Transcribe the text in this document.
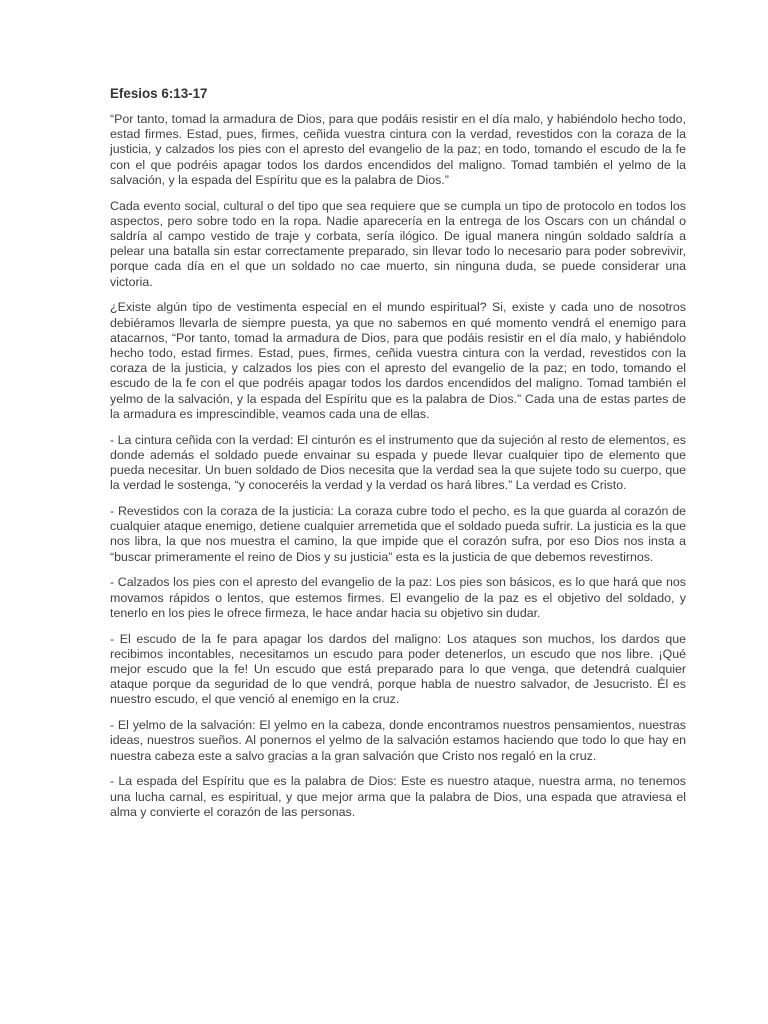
Efesios 6:13-17

“Por tanto, tomad la armadura de Dios, para que podáis resistir en el día malo, y habiéndolo hecho todo, estad firmes. Estad, pues, firmes, ceñida vuestra cintura con la verdad, revestidos con la coraza de la justicia, y calzados los pies con el apresto del evangelio de la paz; en todo, tomando el escudo de la fe con el que podréis apagar todos los dardos encendidos del maligno. Tomad también el yelmo de la salvación, y la espada del Espíritu que es la palabra de Dios.”

Cada evento social, cultural o del tipo que sea requiere que se cumpla un tipo de protocolo en todos los aspectos, pero sobre todo en la ropa. Nadie aparecería en la entrega de los Oscars con un chándal o saldría al campo vestido de traje y corbata, sería ilógico. De igual manera ningún soldado saldría a pelear una batalla sin estar correctamente preparado, sin llevar todo lo necesario para poder sobrevivir, porque cada día en el que un soldado no cae muerto, sin ninguna duda, se puede considerar una victoria.

¿Existe algún tipo de vestimenta especial en el mundo espiritual? Si, existe y cada uno de nosotros debiéramos llevarla de siempre puesta, ya que no sabemos en qué momento vendrá el enemigo para atacarnos, “Por tanto, tomad la armadura de Dios, para que podáis resistir en el día malo, y habiéndolo hecho todo, estad firmes. Estad, pues, firmes, ceñida vuestra cintura con la verdad, revestidos con la coraza de la justicia, y calzados los pies con el apresto del evangelio de la paz; en todo, tomando el escudo de la fe con el que podréis apagar todos los dardos encendidos del maligno. Tomad también el yelmo de la salvación, y la espada del Espíritu que es la palabra de Dios.” Cada una de estas partes de la armadura es imprescindible, veamos cada una de ellas.

- La cintura ceñida con la verdad: El cinturón es el instrumento que da sujeción al resto de elementos, es donde además el soldado puede envainar su espada y puede llevar cualquier tipo de elemento que pueda necesitar. Un buen soldado de Dios necesita que la verdad sea la que sujete todo su cuerpo, que la verdad le sostenga, “y conoceréis la verdad y la verdad os hará libres.” La verdad es Cristo.

- Revestidos con la coraza de la justicia: La coraza cubre todo el pecho, es la que guarda al corazón de cualquier ataque enemigo, detiene cualquier arremetida que el soldado pueda sufrir. La justicia es la que nos libra, la que nos muestra el camino, la que impide que el corazón sufra, por eso Dios nos insta a “buscar primeramente el reino de Dios y su justicia” esta es la justicia de que debemos revestirnos.

- Calzados los pies con el apresto del evangelio de la paz: Los pies son básicos, es lo que hará que nos movamos rápidos o lentos, que estemos firmes. El evangelio de la paz es el objetivo del soldado, y tenerlo en los pies le ofrece firmeza, le hace andar hacia su objetivo sin dudar.

- El escudo de la fe para apagar los dardos del maligno: Los ataques son muchos, los dardos que recibimos incontables, necesitamos un escudo para poder detenerlos, un escudo que nos libre. ¡Qué mejor escudo que la fe! Un escudo que está preparado para lo que venga, que detendrá cualquier ataque porque da seguridad de lo que vendrá, porque habla de nuestro salvador, de Jesucristo. Él es nuestro escudo, el que venció al enemigo en la cruz.

- El yelmo de la salvación: El yelmo en la cabeza, donde encontramos nuestros pensamientos, nuestras ideas, nuestros sueños. Al ponernos el yelmo de la salvación estamos haciendo que todo lo que hay en nuestra cabeza este a salvo gracias a la gran salvación que Cristo nos regaló en la cruz.

- La espada del Espíritu que es la palabra de Dios: Este es nuestro ataque, nuestra arma, no tenemos una lucha carnal, es espiritual, y que mejor arma que la palabra de Dios, una espada que atraviesa el alma y convierte el corazón de las personas.
